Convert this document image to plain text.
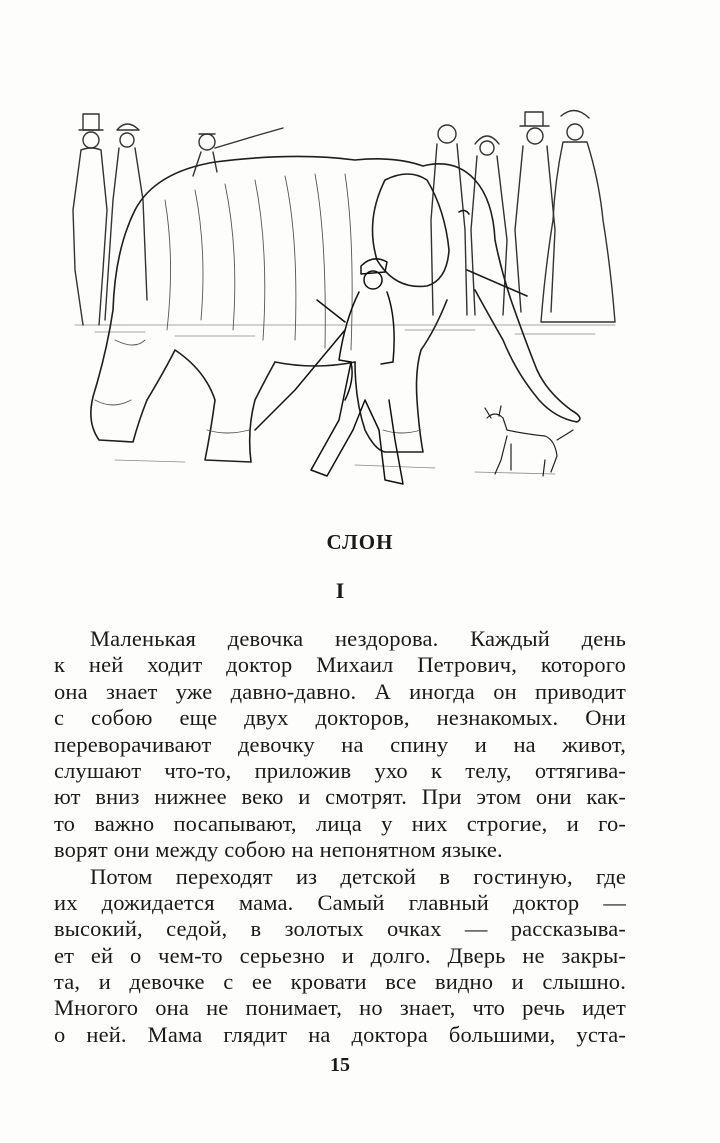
СЛОН
I
Маленькая девочка нездорова. Каждый день
к ней ходит доктор Михаил Петрович, которого
она знает уже давно-давно. А иногда он приводит
с собою еще двух докторов, незнакомых. Они
переворачивают девочку на спину и на живот,
слушают что-то, приложив ухо к телу, оттягива-
ют вниз нижнее веко и смотрят. При этом они как-
то важно посапывают, лица у них строгие, и го-
ворят они между собою на непонятном языке.
Потом переходят из детской в гостиную, где
их дожидается мама. Самый главный доктор —
высокий, седой, в золотых очках — рассказыва-
ет ей о чем-то серьезно и долго. Дверь не закры-
та, и девочке с ее кровати все видно и слышно.
Многого она не понимает, но знает, что речь идет
о ней. Мама глядит на доктора большими, уста-
15
